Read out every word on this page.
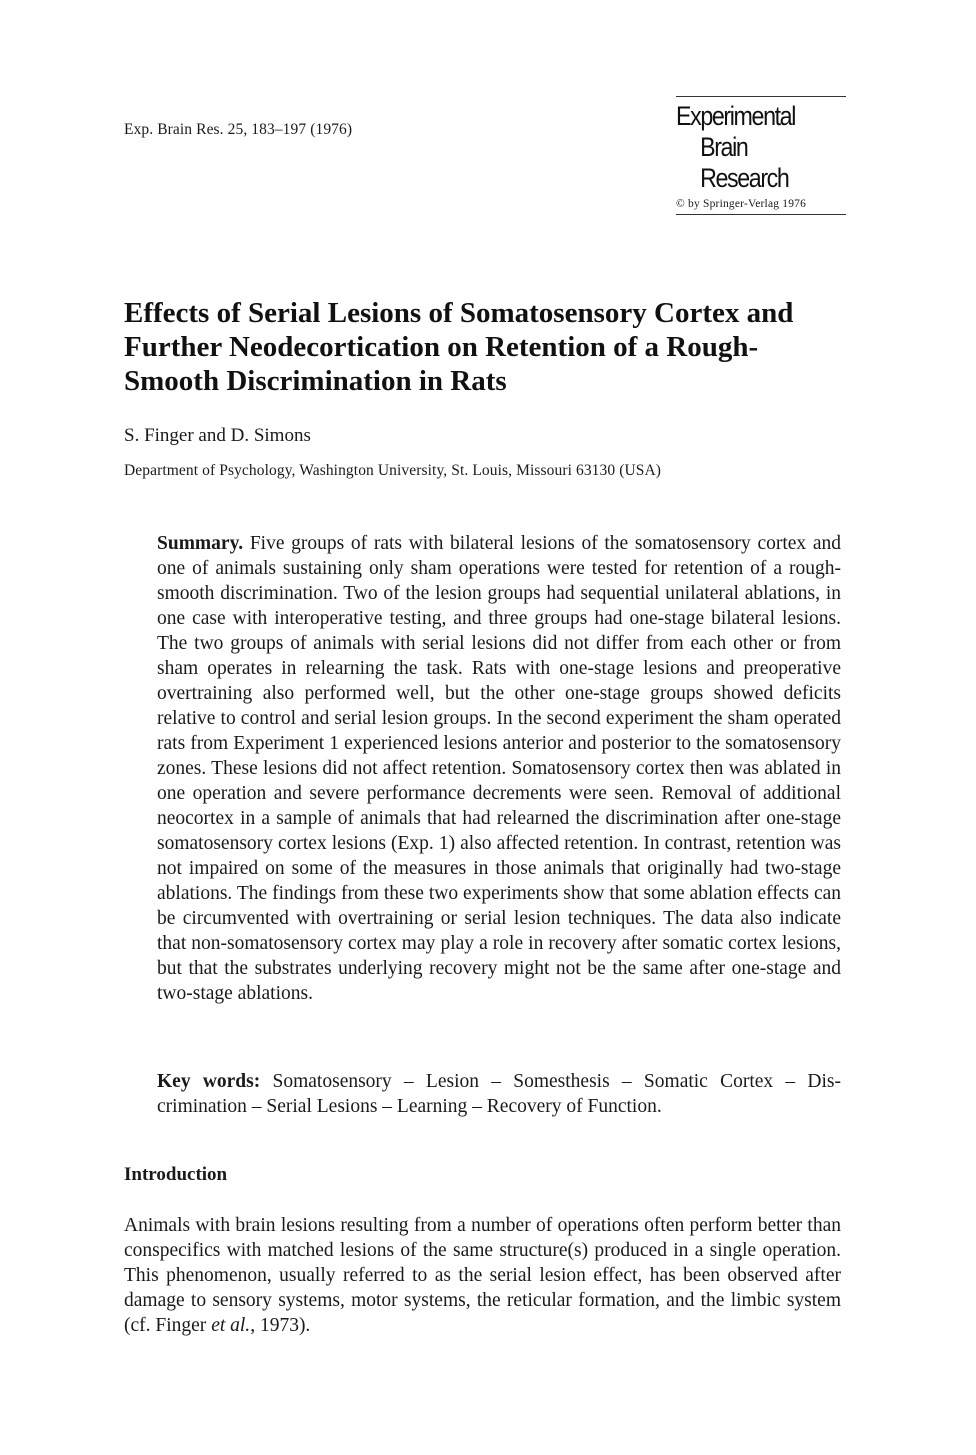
Exp. Brain Res. 25, 183–197 (1976)	Experimental
Brain
Research
© by Springer-Verlag 1976
Effects of Serial Lesions of Somatosensory Cortex and Further Neodecortication on Retention of a Rough-Smooth Discrimination in Rats
S. Finger and D. Simons
Department of Psychology, Washington University, St. Louis, Missouri 63130 (USA)

Summary. Five groups of rats with bilateral lesions of the somatosensory cortex and one of animals sustaining only sham operations were tested for retention of a rough-smooth discrimination. Two of the lesion groups had sequential unilateral ablations, in one case with interoperative testing, and three groups had one-stage bilateral lesions. The two groups of animals with serial lesions did not differ from each other or from sham operates in relearning the task. Rats with one-stage lesions and preoperative overtraining also performed well, but the other one-stage groups showed deficits relative to control and serial lesion groups. In the second experiment the sham operated rats from Experiment 1 experienced lesions anterior and posterior to the somatosensory zones. These lesions did not affect retention. Somatosensory cortex then was ablated in one operation and severe performance decrements were seen. Removal of additional neocortex in a sample of animals that had relearned the discrimination after one-stage somatosensory cortex lesions (Exp. 1) also affected retention. In contrast, retention was not impaired on some of the measures in those animals that originally had two-stage ablations. The findings from these two experiments show that some ablation effects can be circumvented with overtraining or serial lesion techniques. The data also indicate that non-somatosensory cortex may play a role in recovery after somatic cortex lesions, but that the substrates underlying recovery might not be the same after one-stage and two-stage ablations.

Key words: Somatosensory – Lesion – Somesthesis – Somatic Cortex – Discrimination – Serial Lesions – Learning – Recovery of Function.

Introduction

Animals with brain lesions resulting from a number of operations often perform better than conspecifics with matched lesions of the same structure(s) produced in a single operation. This phenomenon, usually referred to as the serial lesion effect, has been observed after damage to sensory systems, motor systems, the reticular formation, and the limbic system (cf. Finger et al., 1973).
